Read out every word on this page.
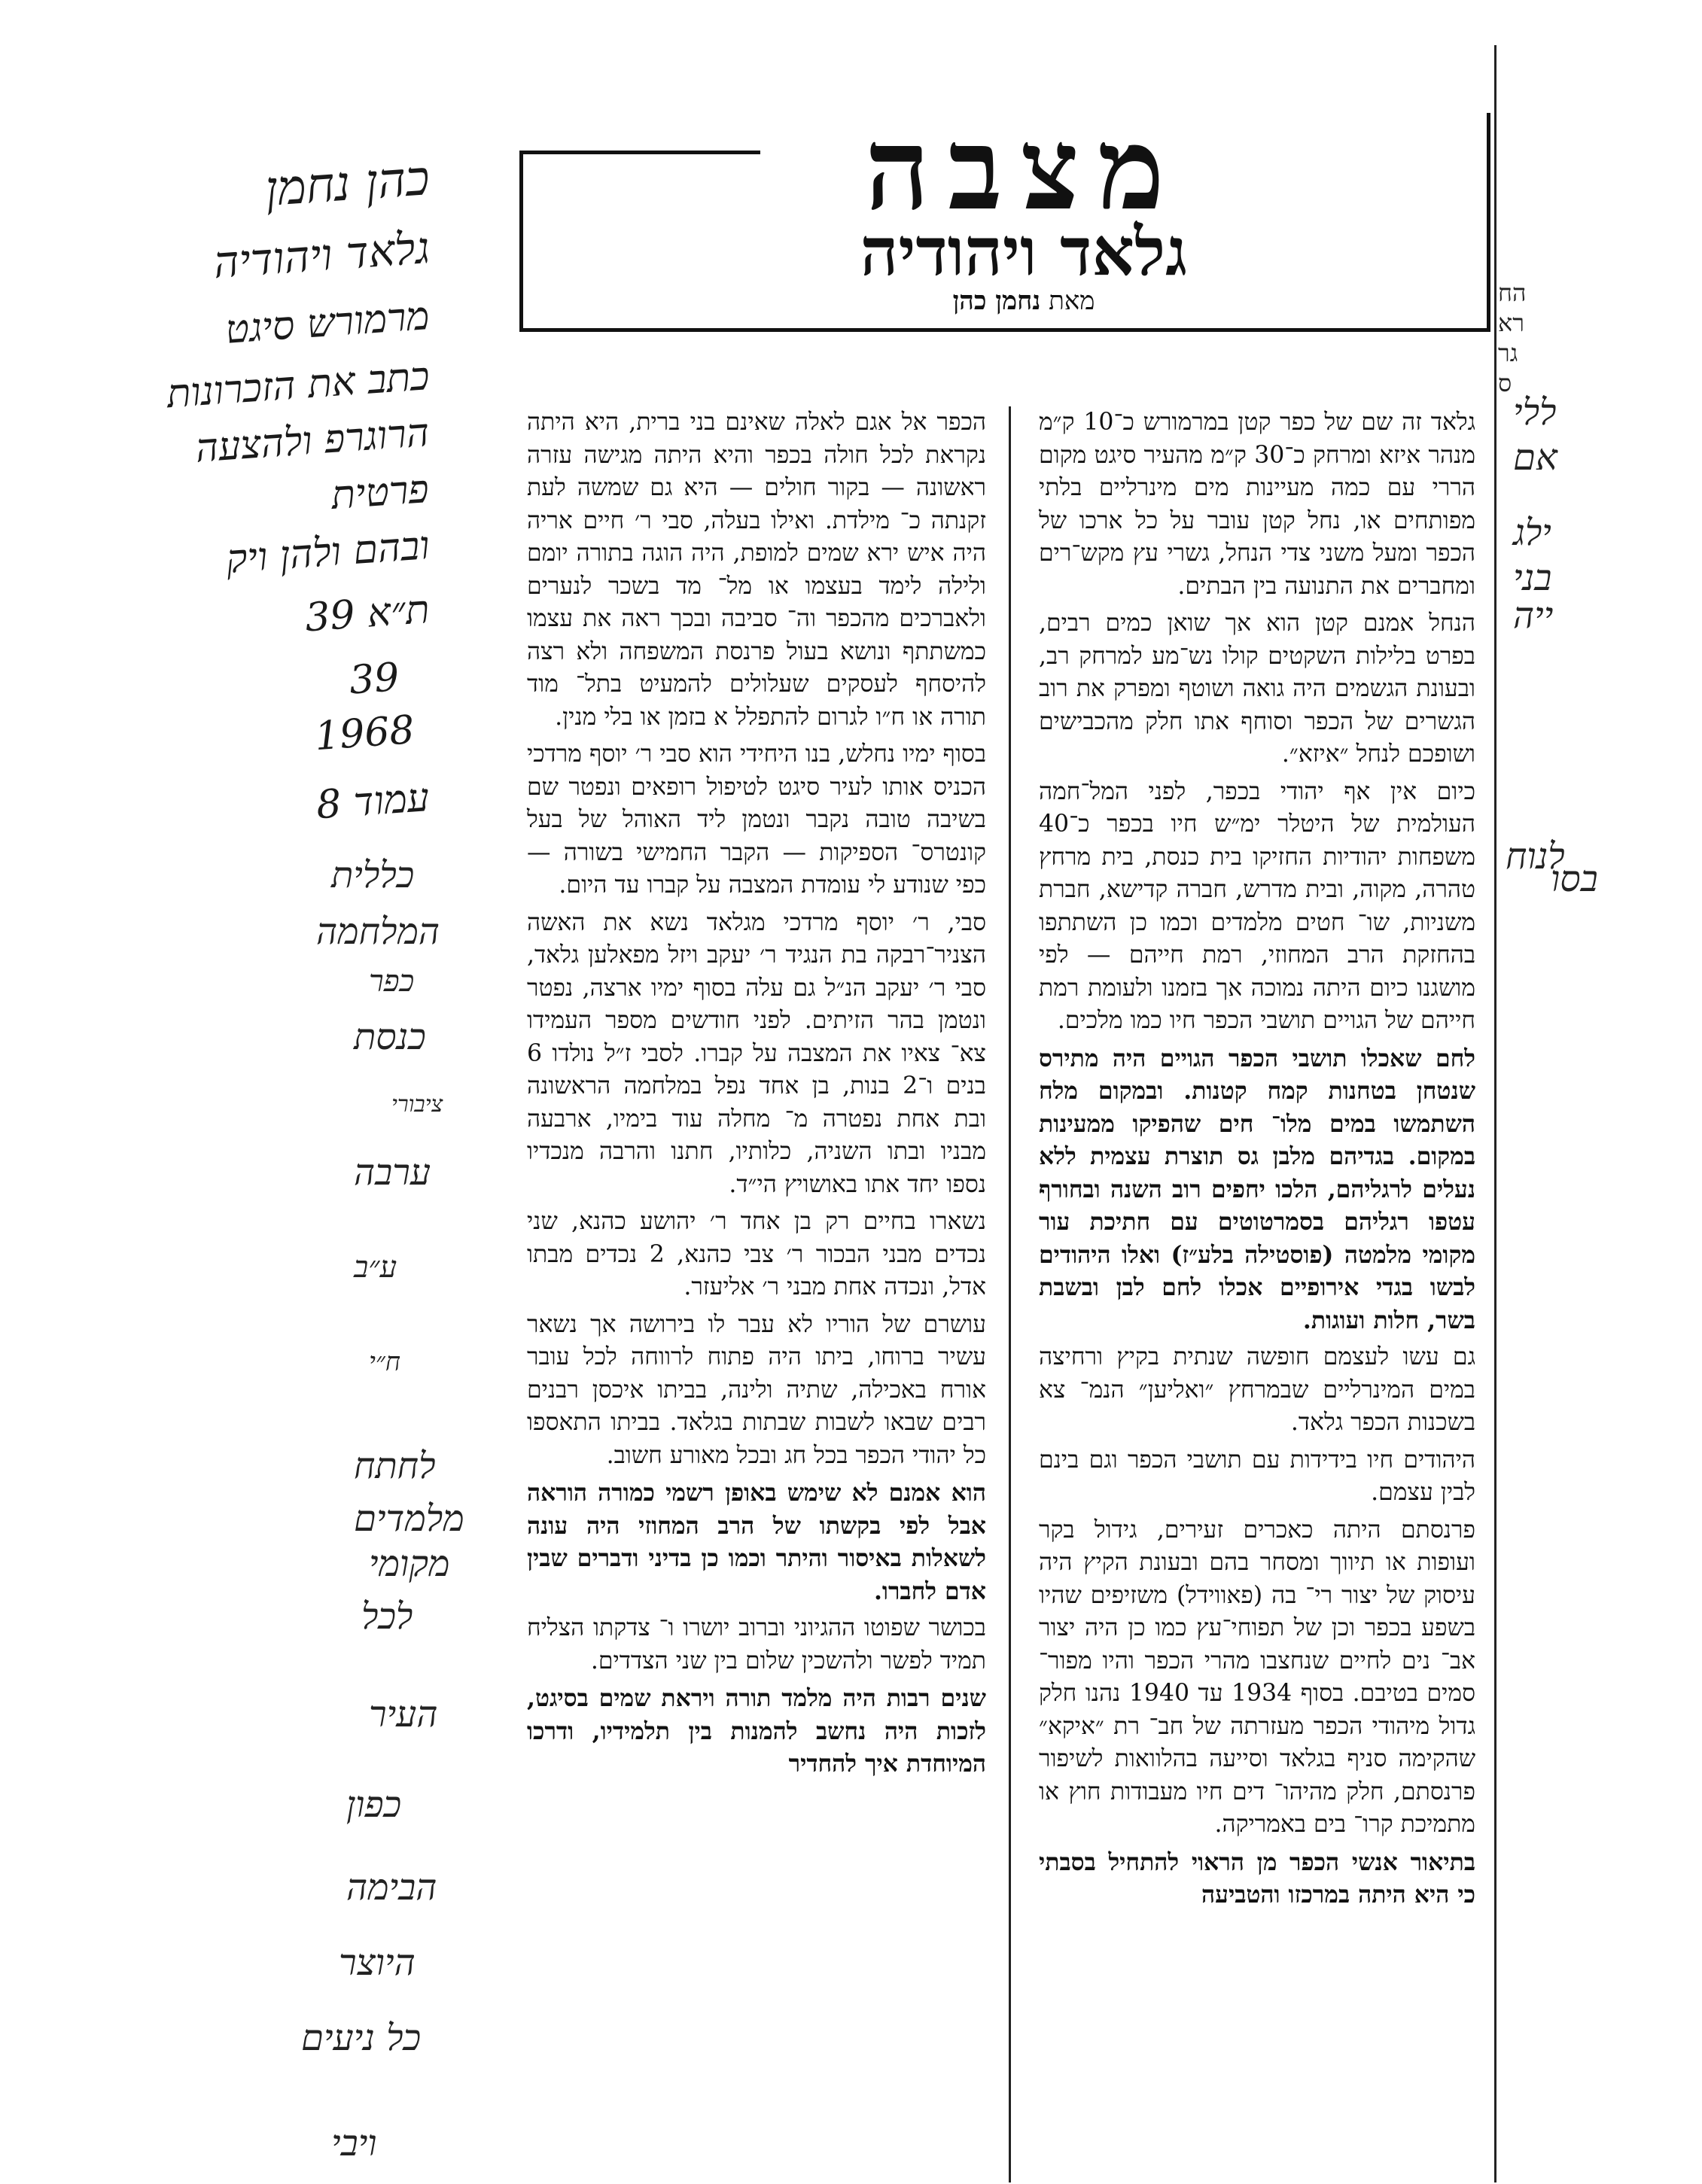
מצבה
גלאד ויהודיה
מאת נחמן כהן

גלאד זה שם של כפר קטן במרמורש כ־10 ק״מ מנהר איזא ומרחק כ־30 ק״מ מהעיר סיגט מקום הררי עם כמה מעיינות מים מינרליים בלתי מפותחים או, נחל קטן עובר על כל ארכו של הכפר ומעל משני צדי הנחל, גשרי עץ מקש־רים ומחברים את התנועה בין הבתים.

הנחל אמנם קטן הוא אך שואן כמים רבים, בפרט בלילות השקטים קולו נש־מע למרחק רב, ובעונת הגשמים היה גואה ושוטף ומפרק את רוב הגשרים של הכפר וסוחף אתו חלק מהכבישים ושופכם לנחל ״איזא״.

כיום אין אף יהודי בכפר, לפני המל־חמה העולמית של היטלר ימ״ש חיו בכפר כ־40 משפחות יהודיות החזיקו בית כנסת, בית מרחץ טהרה, מקוה, ובית מדרש, חברה קדישא, חברת משניות, שו־ חטים מלמדים וכמו כן השתתפו בהחזקת הרב המחוזי, רמת חייהם — לפי מושגנו כיום היתה נמוכה אך בזמנו ולעומת רמת חייהם של הגויים תושבי הכפר חיו כמו מלכים.

לחם שאכלו תושבי הכפר הגויים היה מתירס שנטחן בטחנות קמח קטנות. ובמקום מלח השתמשו במים מלו־ חים שהפיקו ממעינות במקום. בגדיהם מלבן גס תוצרת עצמית ללא נעלים לרגליהם, הלכו יחפים רוב השנה ובחורף עטפו רגליהם בסמרטוטים עם חתיכת עור מקומי מלמטה (פוסטילה בלע״ז) ואלו היהודים לבשו בגדי אירופיים אכלו לחם לבן ובשבת בשר, חלות ועוגות.

גם עשו לעצמם חופשה שנתית בקיץ ורחיצה במים המינרליים שבמרחץ ״ואליען״ הנמ־ צא בשכנות הכפר גלאד.

היהודים חיו בידידות עם תושבי הכפר וגם בינם לבין עצמם.

פרנסתם היתה כאכרים זעירים, גידול בקר ועופות או תיווך ומסחר בהם ובעונת הקיץ היה עיסוק של יצור רי־ בה (פאווידל) משזיפים שהיו בשפע בכפר וכן של תפוחי־עץ כמו כן היה יצור אב־ נים לחיים שנחצבו מהרי הכפר והיו מפור־ סמים בטיבם. בסוף 1934 עד 1940 נהנו חלק גדול מיהודי הכפר מעזרתה של חב־ רת ״איקא״ שהקימה סניף בגלאד וסייעה בהלוואות לשיפור פרנסתם, חלק מהיהו־ דים חיו מעבודות חוץ או מתמיכת קרו־ בים באמריקה.

בתיאור אנשי הכפר מן הראוי להתחיל בסבתי כי היא היתה במרכזו והטביעה

הכפר אל אגם לאלה שאינם בני ברית, היא היתה נקראת לכל חולה בכפר והיא היתה מגישה עזרה ראשונה — בקור חולים — היא גם שמשה לעת זקנתה כ־ מילדת. ואילו בעלה, סבי ר׳ חיים אריה היה איש ירא שמים למופת, היה הוגה בתורה יומם ולילה לימד בעצמו או מל־ מד בשכר לנערים ולאברכים מהכפר וה־ סביבה ובכך ראה את עצמו כמשתתף ונושא בעול פרנסת המשפחה ולא רצה להיסחף לעסקים שעלולים להמעיט בתל־ מוד תורה או ח״ו לגרום להתפלל א בזמן או בלי מנין.

בסוף ימיו נחלש, בנו היחידי הוא סבי ר׳ יוסף מרדכי הכניס אותו לעיר סיגט לטיפול רופאים ונפטר שם בשיבה טובה נקבר ונטמן ליד האוהל של בעל קונטרס־ הספיקות — הקבר החמישי בשורה — כפי שנודע לי עומדת המצבה על קברו עד היום.

סבי, ר׳ יוסף מרדכי מגלאד נשא את האשה הצניר־רבקה בת הנגיד ר׳ יעקב ויזל מפאלען גלאד, סבי ר׳ יעקב הנ״ל גם עלה בסוף ימיו ארצה, נפטר ונטמן בהר הזיתים. לפני חודשים מספר העמידו צא־ צאיו את המצבה על קברו. לסבי ז״ל נולדו 6 בנים ו־2 בנות, בן אחד נפל במלחמה הראשונה ובת אחת נפטרה מ־ מחלה עוד בימיו, ארבעה מבניו ובתו השניה, כלותיו, חתנו והרבה מנכדיו נספו יחד אתו באושויץ הי״ד.

נשארו בחיים רק בן אחד ר׳ יהושע כהנא, שני נכדים מבני הבכור ר׳ צבי כהנא, 2 נכדים מבתו אדל, ונכדה אחת מבני ר׳ אליעזר.

עושרם של הוריו לא עבר לו בירושה אך נשאר עשיר ברוחו, ביתו היה פתוח לרווחה לכל עובר אורח באכילה, שתיה ולינה, בביתו איכסן רבנים רבים שבאו לשבות שבתות בגלאד. בביתו התאספו כל יהודי הכפר בכל חג ובכל מאורע חשוב.

הוא אמנם לא שימש באופן רשמי כמורה הוראה אבל לפי בקשתו של הרב המחוזי היה עונה לשאלות באיסור והיתר וכמו כן בדיני ודברים שבין אדם לחברו.

בכושר שפוטו ההגיוני וברוב יושרו ו־ צדקתו הצליח תמיד לפשר ולהשכין שלום בין שני הצדדים.

שנים רבות היה מלמד תורה ויראת שמים בסיגט, לזכות היה נחשב להמנות בין תלמידיו, ודרכו המיוחדת איך להחדיר

הח
רא
גר
ס
ללי
אם
ילג
בני
ייה
לנוח
בסו
כהן נחמן
גלאד ויהודיה
מרמורש סיגט
כתב את הזכרונות
הרוגרפ ולהצעה
פרטית
ובהם ולהן ויק
ת״א 39
39
1968
עמוד 8
כללית
המלחמה
כפר
כנסת
ציבורי
ערבה
ע״ב
ח״י
לחתח
מלמדים
מקומי
לכל
העיר
כפון
הבימה
היוצר
כל ניעים
ויבי
